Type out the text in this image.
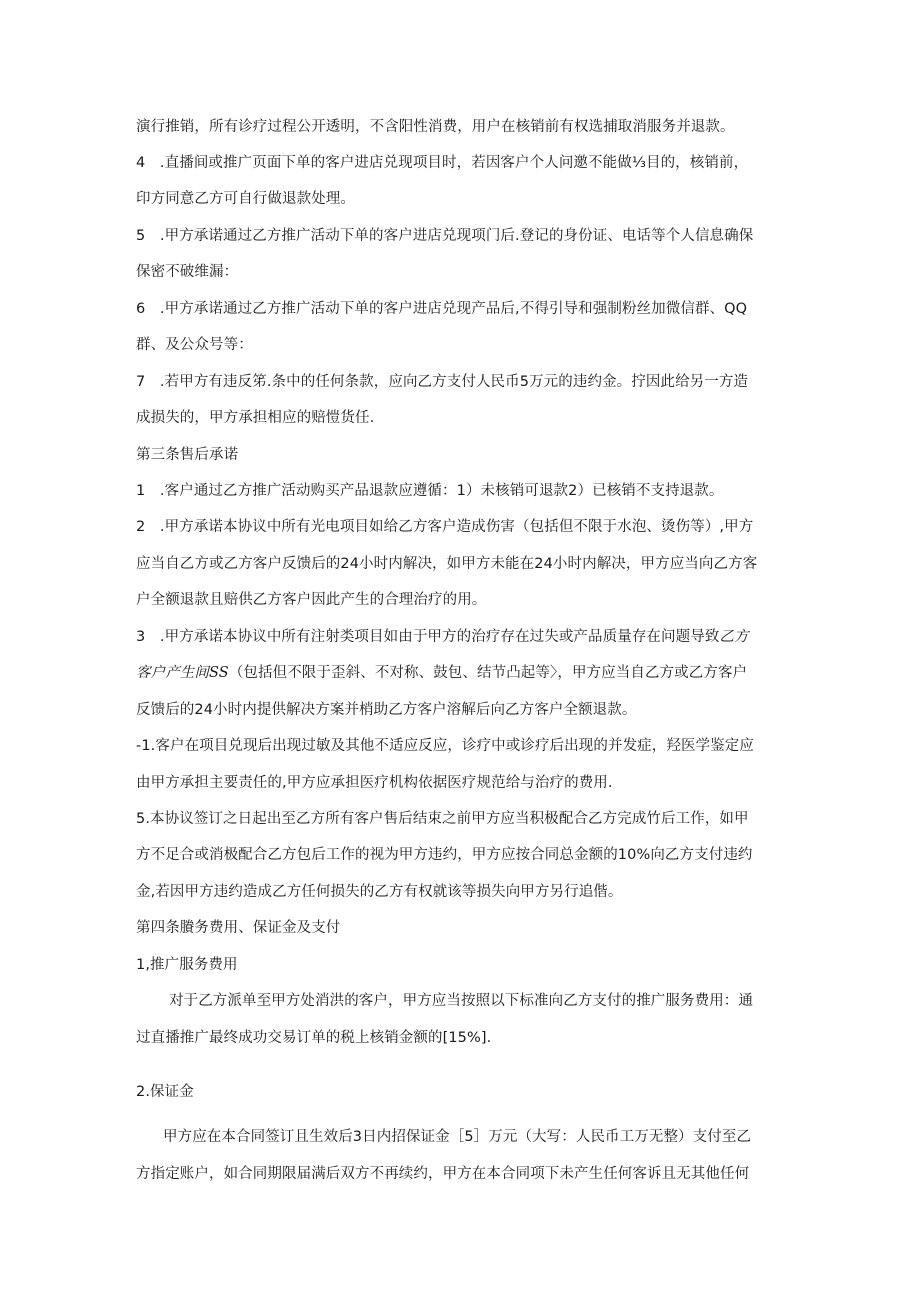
演行推销，所有诊疗过程公开透明，不含阳性消费，用户在核销前有权选捕取消服务并退款。
4　.直播间或推广页面下单的客户进店兑现项目时，若因客户个人问邀不能做⅓目的，核销前，
印方同意乙方可自行做退款处理。
5　.甲方承诺通过乙方推广活动下单的客户进店兑现项门后.登记的身份证、电话等个人信息确保
保密不破维漏：
6　.甲方承诺通过乙方推广活动下单的客户进店兑现产品后,不得引导和强制粉丝加微信群、QQ
群、及公众号等：
7　.若甲方有违反笫.条中的任何条款，应向乙方支付人民币5万元的违约金。拧因此给另一方造
成损失的，甲方承担相应的赔愷货任.
第三条售后承诺
1　.客户通过乙方推广活动购买产品退款应遵循：1）未核销可退款2）已核销不支持退款。
2　.甲方承诺本协议中所有光电项目如给乙方客户造成伤害（包括但不限于水泡、烫伤等）,甲方
应当自乙方或乙方客户反馈后的24小时内解决，如甲方未能在24小时内解决，甲方应当向乙方客
户全额退款且赔供乙方客户因此产生的合理治疗的用。
3　.甲方承诺本协议中所有注射类项目如由于甲方的治疗存在过失或产品质量存在问题导致乙方
客户产生间SS（包括但不限于歪斜、不对称、鼓包、结节凸起等〉，甲方应当自乙方或乙方客户
反馈后的24小时内提供解决方案并梢助乙方客户溶解后向乙方客户全额退款。
-1.客户在项目兑现后出现过敏及其他不适应反应，诊疗中或诊疗后出现的并发症，羟医学鉴定应
由甲方承担主要责任的,甲方应承担医疗机构依据医疗规范给与治疗的费用.
5.本协议签订之日起出至乙方所有客户售后结束之前甲方应当积极配合乙方完成竹后工作，如甲
方不足合或消极配合乙方包后工作的视为甲方违约，甲方应按合同总金额的10%向乙方支付违约
金,若因甲方违约造成乙方任何损失的乙方有权就该等损失向甲方另行追偕。
第四条賸务费用、保证金及支付
1,推广服务费用
对于乙方派单至甲方处消洪的客户，甲方应当按照以下标准向乙方支付的推广服务费用：通
过直播推广最终成功交易订单的税上核销金额的[15%].
2.保证金
甲方应在本合同签订且生效后3日内招保证金［5］万元（大写：人民币工万无整）支付至乙
方指定账户，如合同期限届满后双方不再续约，甲方在本合同项下未产生任何客诉且无其他任何
